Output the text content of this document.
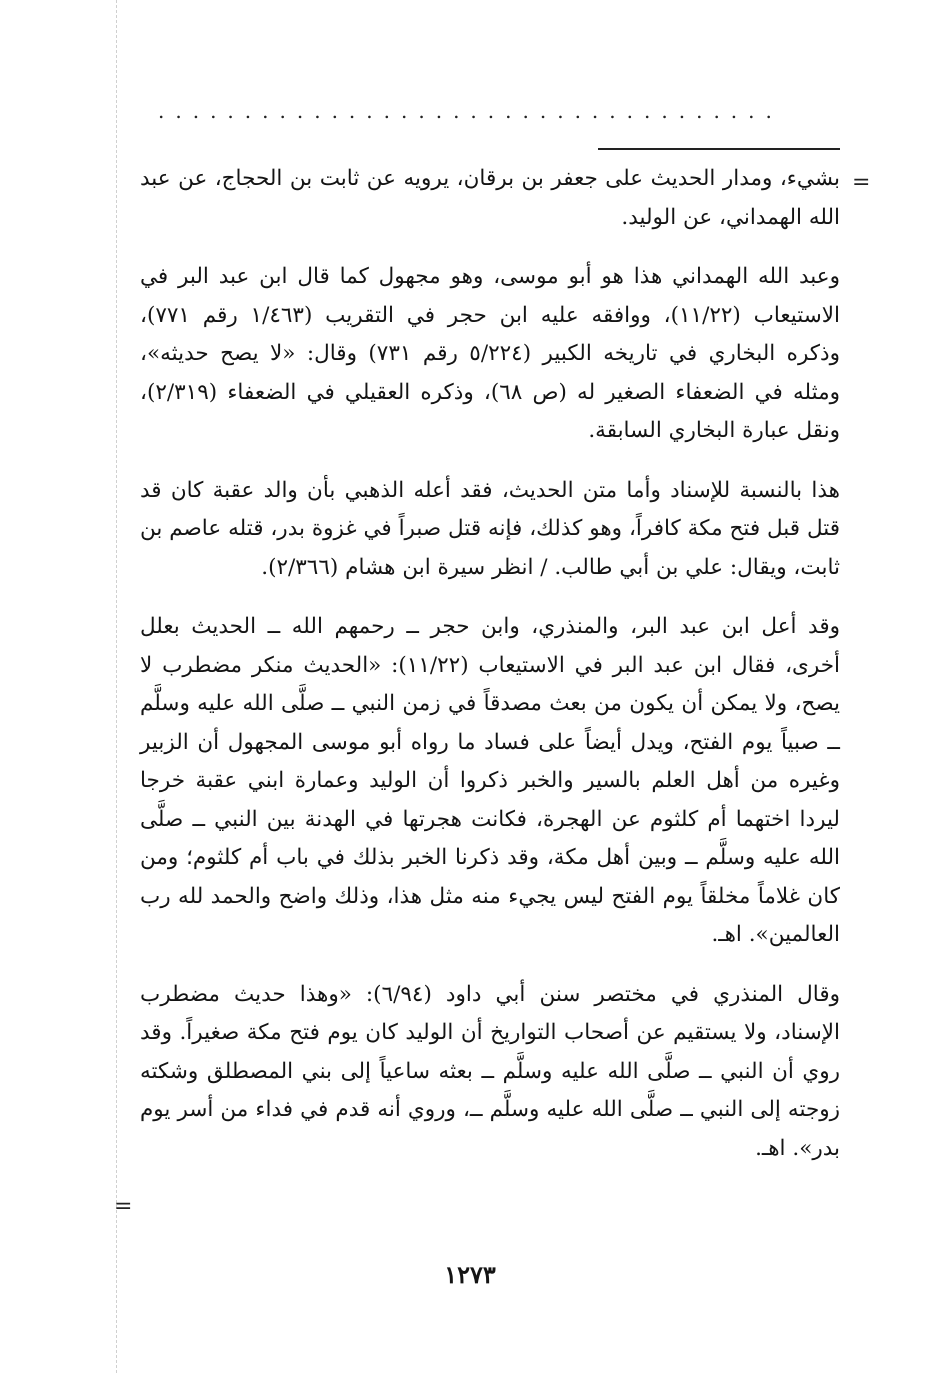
....................................
=

بشيء، ومدار الحديث على جعفر بن برقان، يرويه عن ثابت بن الحجاج، عن عبد الله الهمداني، عن الوليد.

وعبد الله الهمداني هذا هو أبو موسى، وهو مجهول كما قال ابن عبد البر في الاستيعاب (١١/٢٢)، ووافقه عليه ابن حجر في التقريب (١/٤٦٣ رقم ٧٧١)، وذكره البخاري في تاريخه الكبير (٥/٢٢٤ رقم ٧٣١) وقال: «لا يصح حديثه»، ومثله في الضعفاء الصغير له (ص ٦٨)، وذكره العقيلي في الضعفاء (٢/٣١٩)، ونقل عبارة البخاري السابقة.

هذا بالنسبة للإسناد وأما متن الحديث، فقد أعله الذهبي بأن والد عقبة كان قد قتل قبل فتح مكة كافراً، وهو كذلك، فإنه قتل صبراً في غزوة بدر، قتله عاصم بن ثابت، ويقال: علي بن أبي طالب. / انظر سيرة ابن هشام (٢/٣٦٦).

وقد أعل ابن عبد البر، والمنذري، وابن حجر ــ رحمهم الله ــ الحديث بعلل أخرى، فقال ابن عبد البر في الاستيعاب (١١/٢٢): «الحديث منكر مضطرب لا يصح، ولا يمكن أن يكون من بعث مصدقاً في زمن النبي ــ صلَّى الله عليه وسلَّم ــ صبياً يوم الفتح، ويدل أيضاً على فساد ما رواه أبو موسى المجهول أن الزبير وغيره من أهل العلم بالسير والخبر ذكروا أن الوليد وعمارة ابني عقبة خرجا ليردا اختهما أم كلثوم عن الهجرة، فكانت هجرتها في الهدنة بين النبي ــ صلَّى الله عليه وسلَّم ــ وبين أهل مكة، وقد ذكرنا الخبر بذلك في باب أم كلثوم؛ ومن كان غلاماً مخلقاً يوم الفتح ليس يجيء منه مثل هذا، وذلك واضح والحمد لله رب العالمين». اهـ.

وقال المنذري في مختصر سنن أبي داود (٦/٩٤): «وهذا حديث مضطرب الإسناد، ولا يستقيم عن أصحاب التواريخ أن الوليد كان يوم فتح مكة صغيراً. وقد روي أن النبي ــ صلَّى الله عليه وسلَّم ــ بعثه ساعياً إلى بني المصطلق وشكته زوجته إلى النبي ــ صلَّى الله عليه وسلَّم ــ، وروي أنه قدم في فداء من أسر يوم بدر». اهـ.

=
١٢٧٣
